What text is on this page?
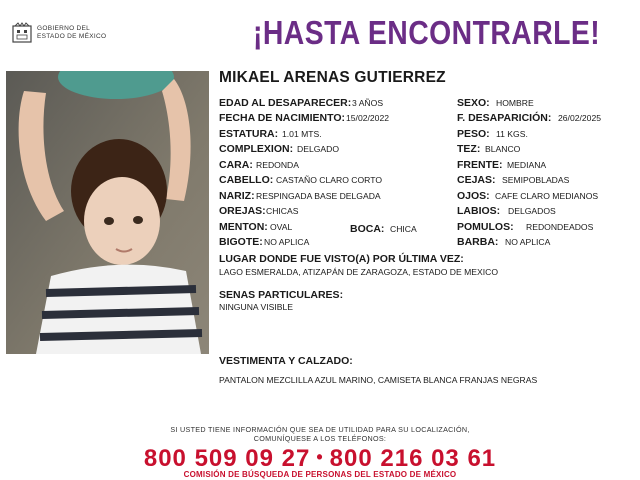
GOBIERNO DEL
ESTADO DE MÉXICO	¡HASTA ENCONTRARLE!
MIKAEL ARENAS GUTIERREZ
EDAD AL DESAPARECER: 3 AÑOS
FECHA DE NACIMIENTO: 15/02/2022
ESTATURA: 1.01 MTS.
COMPLEXION: DELGADO
CARA: REDONDA
CABELLO: CASTAÑO CLARO CORTO
NARIZ: RESPINGADA BASE DELGADA
OREJAS: CHICAS
MENTON: OVAL	BOCA: CHICA
BIGOTE: NO APLICA
SEXO: HOMBRE
F. DESAPARICIÓN: 26/02/2025
PESO: 11 KGS.
TEZ: BLANCO
FRENTE: MEDIANA
CEJAS: SEMIPOBLADAS
OJOS: CAFE CLARO MEDIANOS
LABIOS: DELGADOS
POMULOS: REDONDEADOS
BARBA: NO APLICA
LUGAR DONDE FUE VISTO(A) POR ÚLTIMA VEZ:
LAGO ESMERALDA, ATIZAPÁN DE ZARAGOZA, ESTADO DE MEXICO
SENAS PARTICULARES:
NINGUNA VISIBLE
VESTIMENTA Y CALZADO:
PANTALON MEZCLILLA AZUL MARINO, CAMISETA BLANCA FRANJAS NEGRAS
SI USTED TIENE INFORMACIÓN QUE SEA DE UTILIDAD PARA SU LOCALIZACIÓN,
COMUNÍQUESE A LOS TELÉFONOS:
800 509 09 27 • 800 216 03 61
COMISIÓN DE BÚSQUEDA DE PERSONAS DEL ESTADO DE MÉXICO
